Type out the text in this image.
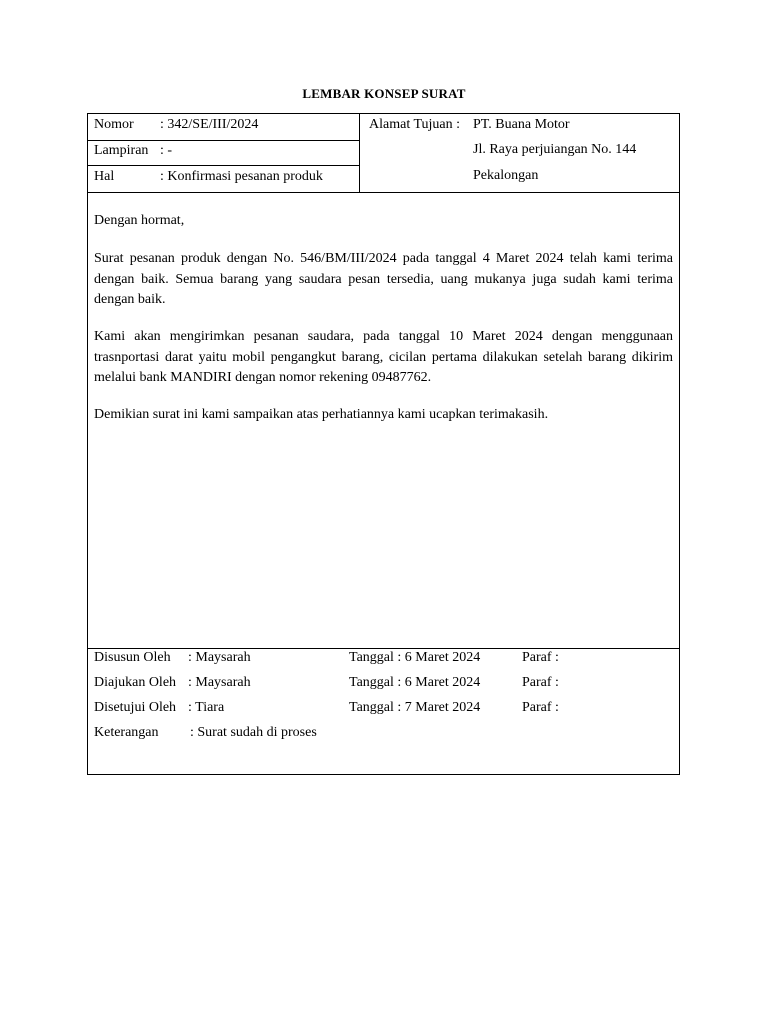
LEMBAR KONSEP SURAT
Nomor : 342/SE/III/2024
Lampiran : -
Hal	: Konfirmasi pesanan produk
Alamat Tujuan : PT. Buana Motor
Jl. Raya perjuiangan No. 144
Pekalongan
Dengan hormat,
Surat pesanan produk dengan No. 546/BM/III/2024 pada tanggal 4 Maret 2024 telah kami terima dengan baik. Semua barang yang saudara pesan tersedia, uang mukanya juga sudah kami terima dengan baik.
Kami akan mengirimkan pesanan saudara, pada tanggal 10 Maret 2024 dengan menggunaan trasnportasi darat yaitu mobil pengangkut barang, cicilan pertama dilakukan setelah barang dikirim melalui bank MANDIRI dengan nomor rekening 09487762.
Demikian surat ini kami sampaikan atas perhatiannya kami ucapkan terimakasih.
Disusun Oleh : Maysarah	Tanggal : 6 Maret 2024	Paraf :
Diajukan Oleh : Maysarah	Tanggal : 6 Maret 2024	Paraf :
Disetujui Oleh : Tiara	Tanggal : 7 Maret 2024	Paraf :
Keterangan : Surat sudah di proses
